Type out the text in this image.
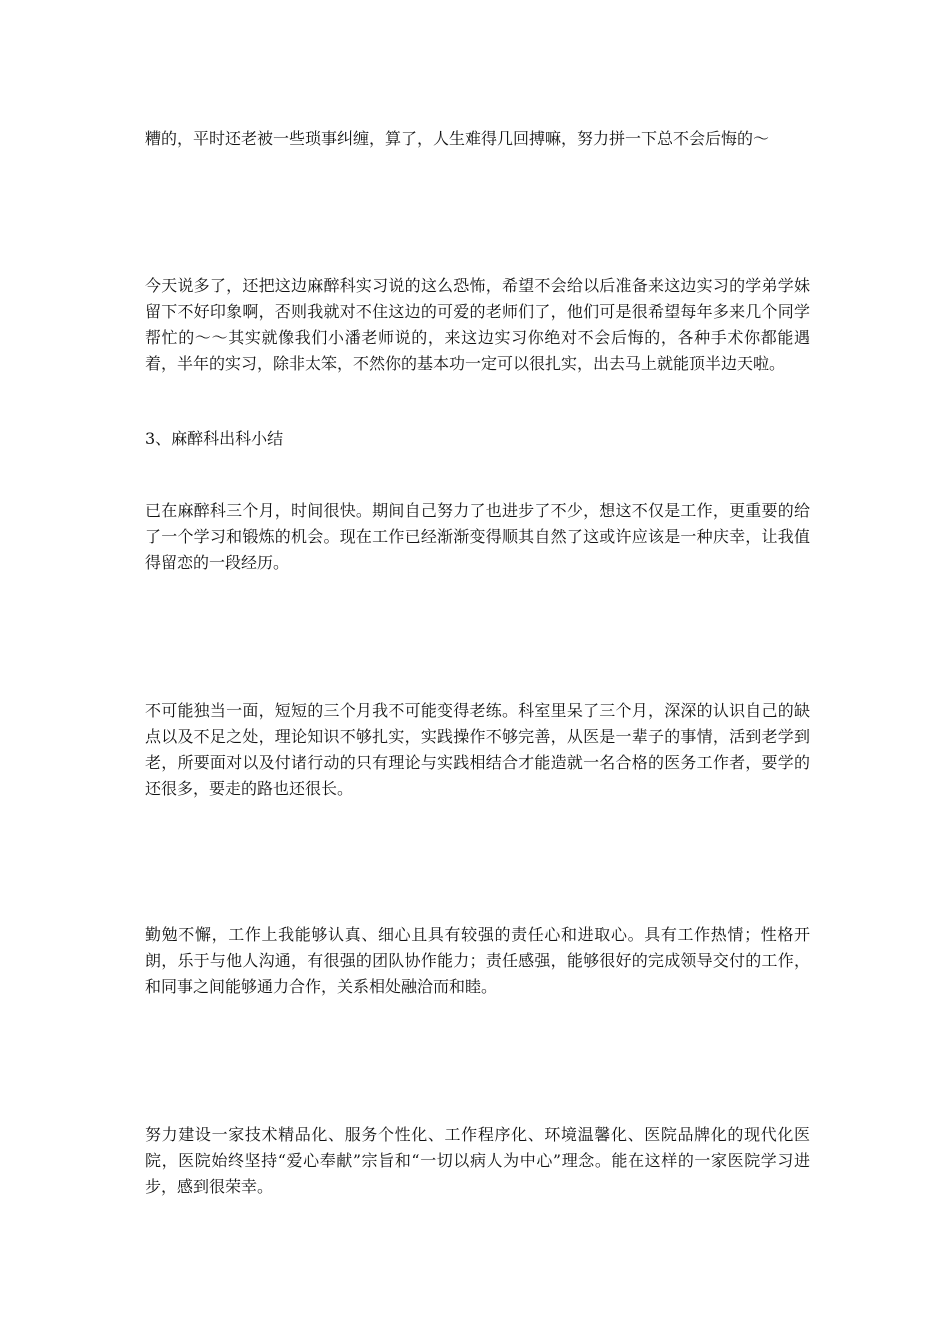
糟的，平时还老被一些琐事纠缠，算了，人生难得几回搏嘛，努力拼一下总不会后悔的～

今天说多了，还把这边麻醉科实习说的这么恐怖，希望不会给以后准备来这边实习的学弟学妹留下不好印象啊，否则我就对不住这边的可爱的老师们了，他们可是很希望每年多来几个同学帮忙的～～其实就像我们小潘老师说的，来这边实习你绝对不会后悔的，各种手术你都能遇着，半年的实习，除非太笨，不然你的基本功一定可以很扎实，出去马上就能顶半边天啦。

3、麻醉科出科小结

已在麻醉科三个月，时间很快。期间自己努力了也进步了不少，想这不仅是工作，更重要的给了一个学习和锻炼的机会。现在工作已经渐渐变得顺其自然了这或许应该是一种庆幸，让我值得留恋的一段经历。

不可能独当一面，短短的三个月我不可能变得老练。科室里呆了三个月，深深的认识自己的缺点以及不足之处，理论知识不够扎实，实践操作不够完善，从医是一辈子的事情，活到老学到老，所要面对以及付诸行动的只有理论与实践相结合才能造就一名合格的医务工作者，要学的还很多，要走的路也还很长。

勤勉不懈，工作上我能够认真、细心且具有较强的责任心和进取心。具有工作热情；性格开朗，乐于与他人沟通，有很强的团队协作能力；责任感强，能够很好的完成领导交付的工作，和同事之间能够通力合作，关系相处融洽而和睦。

努力建设一家技术精品化、服务个性化、工作程序化、环境温馨化、医院品牌化的现代化医院，医院始终坚持“爱心奉献”宗旨和“一切以病人为中心”理念。能在这样的一家医院学习进步，感到很荣幸。
